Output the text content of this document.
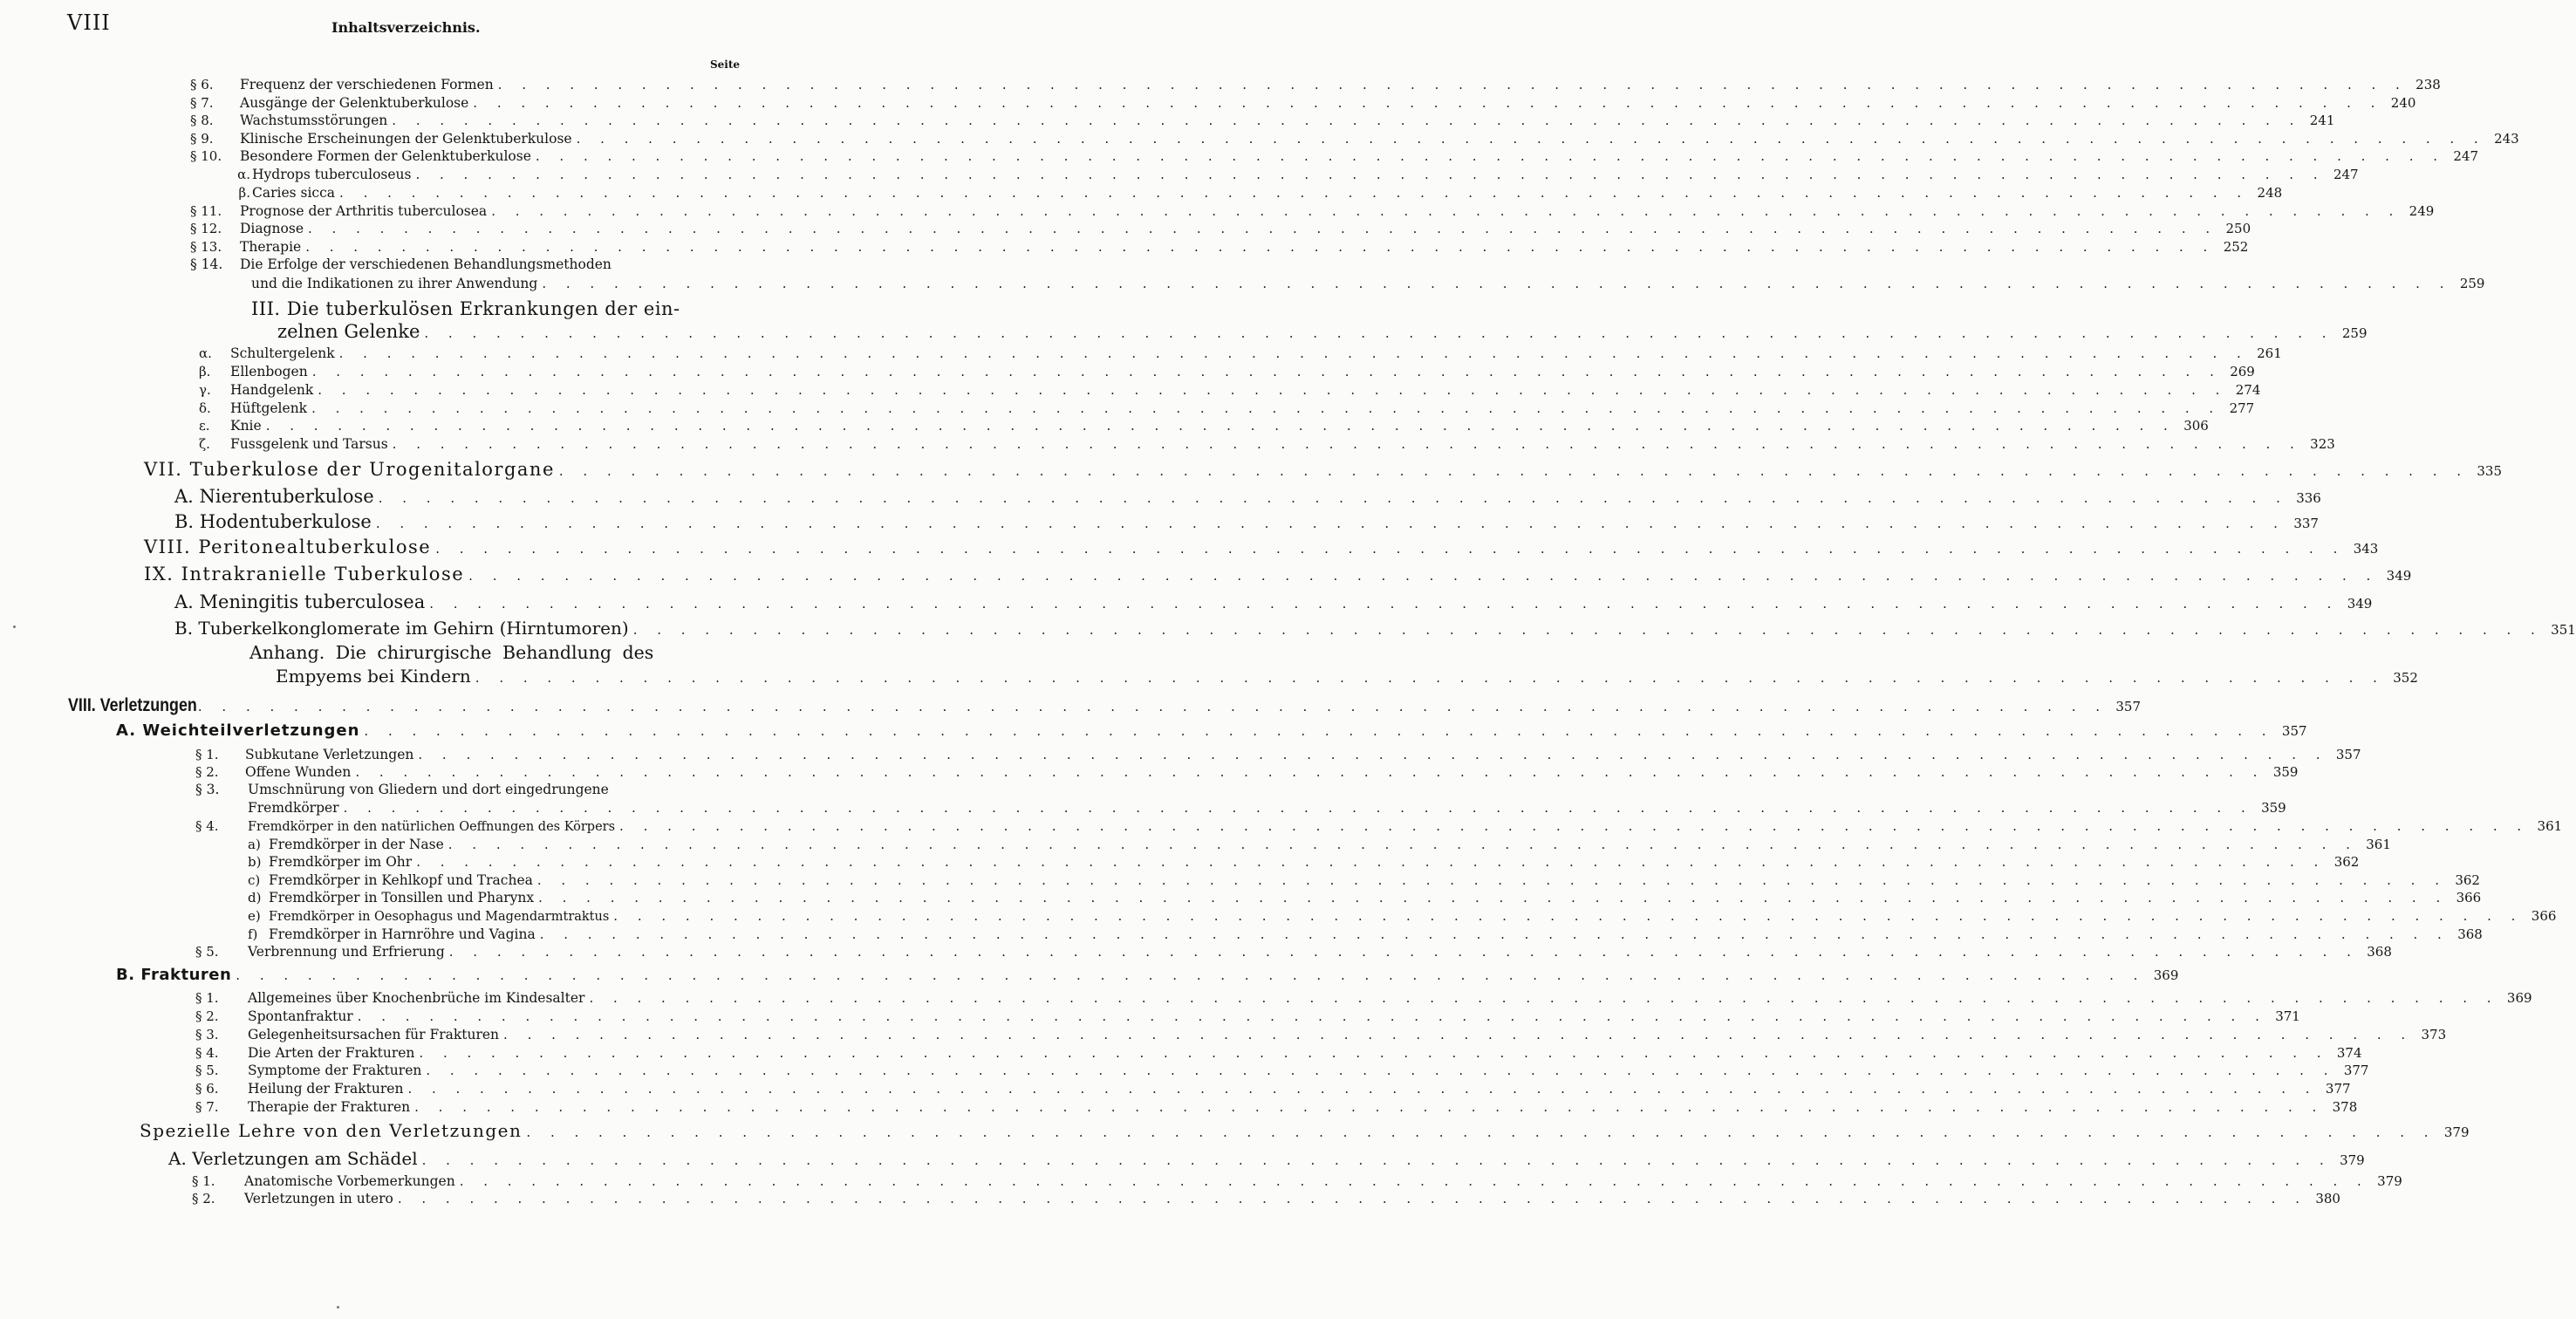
VIII	Inhaltsverzeichnis.
Seite
§ 6.	Frequenz der verschiedenen Formen . . . . . . . . . . . . . . . . . . . . . . . . . . . . . . . . . . . . . . . . . . . . . . . . . . . . . . . . . . . . . . . . . . . . . . . . . . . . . . . . 238
§ 7.	Ausgänge der Gelenktuberkulose . . . . . . . . . . . . . . . . . . . . . . . . . . . . . . . . . . . . . . . . . . . . . . . . . . . . . . . . . . . . . . . . . . . . . . . . . . . . . . . . 240
§ 8.	Wachstumsstörungen . . . . . . . . . . . . . . . . . . . . . . . . . . . . . . . . . . . . . . . . . . . . . . . . . . . . . . . . . . . . . . . . . . . . . . . . . . . . . . . . 241
§ 9.	Klinische Erscheinungen der Gelenktuberkulose . . . . . . . . . . . . . . . . . . . . . . . . . . . . . . . . . . . . . . . . . . . . . . . . . . . . . . . . . . . . . . . . . . . . . . . . . . . . . . . . 243
§ 10.	Besondere Formen der Gelenktuberkulose . . . . . . . . . . . . . . . . . . . . . . . . . . . . . . . . . . . . . . . . . . . . . . . . . . . . . . . . . . . . . . . . . . . . . . . . . . . . . . . . 247
α. Hydrops tuberculoseus . . . . . . . . . . . . . . . . . . . . . . . . . . . . . . . . . . . . . . . . . . . . . . . . . . . . . . . . . . . . . . . . . . . . . . . . . . . . . . . . 247
β. Caries sicca . . . . . . . . . . . . . . . . . . . . . . . . . . . . . . . . . . . . . . . . . . . . . . . . . . . . . . . . . . . . . . . . . . . . . . . . . . . . . . . . 248
§ 11.	Prognose der Arthritis tuberculosea . . . . . . . . . . . . . . . . . . . . . . . . . . . . . . . . . . . . . . . . . . . . . . . . . . . . . . . . . . . . . . . . . . . . . . . . . . . . . . . . 249
§ 12.	Diagnose . . . . . . . . . . . . . . . . . . . . . . . . . . . . . . . . . . . . . . . . . . . . . . . . . . . . . . . . . . . . . . . . . . . . . . . . . . . . . . . . 250
§ 13.	Therapie . . . . . . . . . . . . . . . . . . . . . . . . . . . . . . . . . . . . . . . . . . . . . . . . . . . . . . . . . . . . . . . . . . . . . . . . . . . . . . . . 252
§ 14. Die Erfolge der verschiedenen Behandlungsmethoden
und die Indikationen zu ihrer Anwendung . . . . . . . . . . . . . . . . . . . . . . . . . . . . . . . . . . . . . . . . . . . . . . . . . . . . . . . . . . . . . . . . . . . . . . . . . . . . . . . . 259
III. Die tuberkulösen Erkrankungen der ein-
zelnen Gelenke . . . . . . . . . . . . . . . . . . . . . . . . . . . . . . . . . . . . . . . . . . . . . . . . . . . . . . . . . . . . . . . . . . . . . . . . . . . . . . . . 259
α.	Schultergelenk . . . . . . . . . . . . . . . . . . . . . . . . . . . . . . . . . . . . . . . . . . . . . . . . . . . . . . . . . . . . . . . . . . . . . . . . . . . . . . . . 261
β.	Ellenbogen . . . . . . . . . . . . . . . . . . . . . . . . . . . . . . . . . . . . . . . . . . . . . . . . . . . . . . . . . . . . . . . . . . . . . . . . . . . . . . . . 269
γ.	Handgelenk . . . . . . . . . . . . . . . . . . . . . . . . . . . . . . . . . . . . . . . . . . . . . . . . . . . . . . . . . . . . . . . . . . . . . . . . . . . . . . . . 274
δ.	Hüftgelenk . . . . . . . . . . . . . . . . . . . . . . . . . . . . . . . . . . . . . . . . . . . . . . . . . . . . . . . . . . . . . . . . . . . . . . . . . . . . . . . . 277
ε.	Knie . . . . . . . . . . . . . . . . . . . . . . . . . . . . . . . . . . . . . . . . . . . . . . . . . . . . . . . . . . . . . . . . . . . . . . . . . . . . . . . . 306
ζ.	Fussgelenk und Tarsus . . . . . . . . . . . . . . . . . . . . . . . . . . . . . . . . . . . . . . . . . . . . . . . . . . . . . . . . . . . . . . . . . . . . . . . . . . . . . . . . 323
VII. Tuberkulose der Urogenitalorgane . . . . . . . . . . . . . . . . . . . . . . . . . . . . . . . . . . . . . . . . . . . . . . . . . . . . . . . . . . . . . . . . . . . . . . . . . . . . . . . . 335
A. Nierentuberkulose . . . . . . . . . . . . . . . . . . . . . . . . . . . . . . . . . . . . . . . . . . . . . . . . . . . . . . . . . . . . . . . . . . . . . . . . . . . . . . . . 336
B. Hodentuberkulose . . . . . . . . . . . . . . . . . . . . . . . . . . . . . . . . . . . . . . . . . . . . . . . . . . . . . . . . . . . . . . . . . . . . . . . . . . . . . . . . 337
VIII. Peritonealtuberkulose . . . . . . . . . . . . . . . . . . . . . . . . . . . . . . . . . . . . . . . . . . . . . . . . . . . . . . . . . . . . . . . . . . . . . . . . . . . . . . . . 343
IX. Intrakranielle Tuberkulose . . . . . . . . . . . . . . . . . . . . . . . . . . . . . . . . . . . . . . . . . . . . . . . . . . . . . . . . . . . . . . . . . . . . . . . . . . . . . . . . 349
A. Meningitis tuberculosea . . . . . . . . . . . . . . . . . . . . . . . . . . . . . . . . . . . . . . . . . . . . . . . . . . . . . . . . . . . . . . . . . . . . . . . . . . . . . . . . 349
B. Tuberkelkonglomerate im Gehirn (Hirntumoren) . . . . . . . . . . . . . . . . . . . . . . . . . . . . . . . . . . . . . . . . . . . . . . . . . . . . . . . . . . . . . . . . . . . . . . . . . . . . . . . . 351
Anhang. Die chirurgische Behandlung des
Empyems bei Kindern . . . . . . . . . . . . . . . . . . . . . . . . . . . . . . . . . . . . . . . . . . . . . . . . . . . . . . . . . . . . . . . . . . . . . . . . . . . . . . . . 352
VIII. Verletzungen . . . . . . . . . . . . . . . . . . . . . . . . . . . . . . . . . . . . . . . . . . . . . . . . . . . . . . . . . . . . . . . . . . . . . . . . . . . . . . . . 357
A. Weichteilverletzungen . . . . . . . . . . . . . . . . . . . . . . . . . . . . . . . . . . . . . . . . . . . . . . . . . . . . . . . . . . . . . . . . . . . . . . . . . . . . . . . . 357
§ 1.	Subkutane Verletzungen . . . . . . . . . . . . . . . . . . . . . . . . . . . . . . . . . . . . . . . . . . . . . . . . . . . . . . . . . . . . . . . . . . . . . . . . . . . . . . . . 357
§ 2.	Offene Wunden . . . . . . . . . . . . . . . . . . . . . . . . . . . . . . . . . . . . . . . . . . . . . . . . . . . . . . . . . . . . . . . . . . . . . . . . . . . . . . . . 359
§ 3. Umschnürung von Gliedern und dort eingedrungene
Fremdkörper . . . . . . . . . . . . . . . . . . . . . . . . . . . . . . . . . . . . . . . . . . . . . . . . . . . . . . . . . . . . . . . . . . . . . . . . . . . . . . . . 359
§ 4.	Fremdkörper in den natürlichen Oeffnungen des Körpers . . . . . . . . . . . . . . . . . . . . . . . . . . . . . . . . . . . . . . . . . . . . . . . . . . . . . . . . . . . . . . . . . . . . . . . . . . . . . . . . 361
a) Fremdkörper in der Nase . . . . . . . . . . . . . . . . . . . . . . . . . . . . . . . . . . . . . . . . . . . . . . . . . . . . . . . . . . . . . . . . . . . . . . . . . . . . . . . . 361
b) Fremdkörper im Ohr . . . . . . . . . . . . . . . . . . . . . . . . . . . . . . . . . . . . . . . . . . . . . . . . . . . . . . . . . . . . . . . . . . . . . . . . . . . . . . . . 362
c) Fremdkörper in Kehlkopf und Trachea . . . . . . . . . . . . . . . . . . . . . . . . . . . . . . . . . . . . . . . . . . . . . . . . . . . . . . . . . . . . . . . . . . . . . . . . . . . . . . . . 362
d) Fremdkörper in Tonsillen und Pharynx . . . . . . . . . . . . . . . . . . . . . . . . . . . . . . . . . . . . . . . . . . . . . . . . . . . . . . . . . . . . . . . . . . . . . . . . . . . . . . . . 366
e) Fremdkörper in Oesophagus und Magendarmtraktus . . . . . . . . . . . . . . . . . . . . . . . . . . . . . . . . . . . . . . . . . . . . . . . . . . . . . . . . . . . . . . . . . . . . . . . . . . . . . . . . 366
f) Fremdkörper in Harnröhre und Vagina . . . . . . . . . . . . . . . . . . . . . . . . . . . . . . . . . . . . . . . . . . . . . . . . . . . . . . . . . . . . . . . . . . . . . . . . . . . . . . . . 368
§ 5.	Verbrennung und Erfrierung . . . . . . . . . . . . . . . . . . . . . . . . . . . . . . . . . . . . . . . . . . . . . . . . . . . . . . . . . . . . . . . . . . . . . . . . . . . . . . . . 368
B. Frakturen . . . . . . . . . . . . . . . . . . . . . . . . . . . . . . . . . . . . . . . . . . . . . . . . . . . . . . . . . . . . . . . . . . . . . . . . . . . . . . . . 369
§ 1.	Allgemeines über Knochenbrüche im Kindesalter . . . . . . . . . . . . . . . . . . . . . . . . . . . . . . . . . . . . . . . . . . . . . . . . . . . . . . . . . . . . . . . . . . . . . . . . . . . . . . . . 369
§ 2.	Spontanfraktur . . . . . . . . . . . . . . . . . . . . . . . . . . . . . . . . . . . . . . . . . . . . . . . . . . . . . . . . . . . . . . . . . . . . . . . . . . . . . . . . 371
§ 3.	Gelegenheitsursachen für Frakturen . . . . . . . . . . . . . . . . . . . . . . . . . . . . . . . . . . . . . . . . . . . . . . . . . . . . . . . . . . . . . . . . . . . . . . . . . . . . . . . . 373
§ 4.	Die Arten der Frakturen . . . . . . . . . . . . . . . . . . . . . . . . . . . . . . . . . . . . . . . . . . . . . . . . . . . . . . . . . . . . . . . . . . . . . . . . . . . . . . . . 374
§ 5.	Symptome der Frakturen . . . . . . . . . . . . . . . . . . . . . . . . . . . . . . . . . . . . . . . . . . . . . . . . . . . . . . . . . . . . . . . . . . . . . . . . . . . . . . . . 377
§ 6.	Heilung der Frakturen . . . . . . . . . . . . . . . . . . . . . . . . . . . . . . . . . . . . . . . . . . . . . . . . . . . . . . . . . . . . . . . . . . . . . . . . . . . . . . . . 377
§ 7.	Therapie der Frakturen . . . . . . . . . . . . . . . . . . . . . . . . . . . . . . . . . . . . . . . . . . . . . . . . . . . . . . . . . . . . . . . . . . . . . . . . . . . . . . . . 378
Spezielle Lehre von den Verletzungen . . . . . . . . . . . . . . . . . . . . . . . . . . . . . . . . . . . . . . . . . . . . . . . . . . . . . . . . . . . . . . . . . . . . . . . . . . . . . . . . 379
A. Verletzungen am Schädel . . . . . . . . . . . . . . . . . . . . . . . . . . . . . . . . . . . . . . . . . . . . . . . . . . . . . . . . . . . . . . . . . . . . . . . . . . . . . . . . 379
§ 1.	Anatomische Vorbemerkungen . . . . . . . . . . . . . . . . . . . . . . . . . . . . . . . . . . . . . . . . . . . . . . . . . . . . . . . . . . . . . . . . . . . . . . . . . . . . . . . . 379
§ 2.	Verletzungen in utero . . . . . . . . . . . . . . . . . . . . . . . . . . . . . . . . . . . . . . . . . . . . . . . . . . . . . . . . . . . . . . . . . . . . . . . . . . . . . . . . 380
